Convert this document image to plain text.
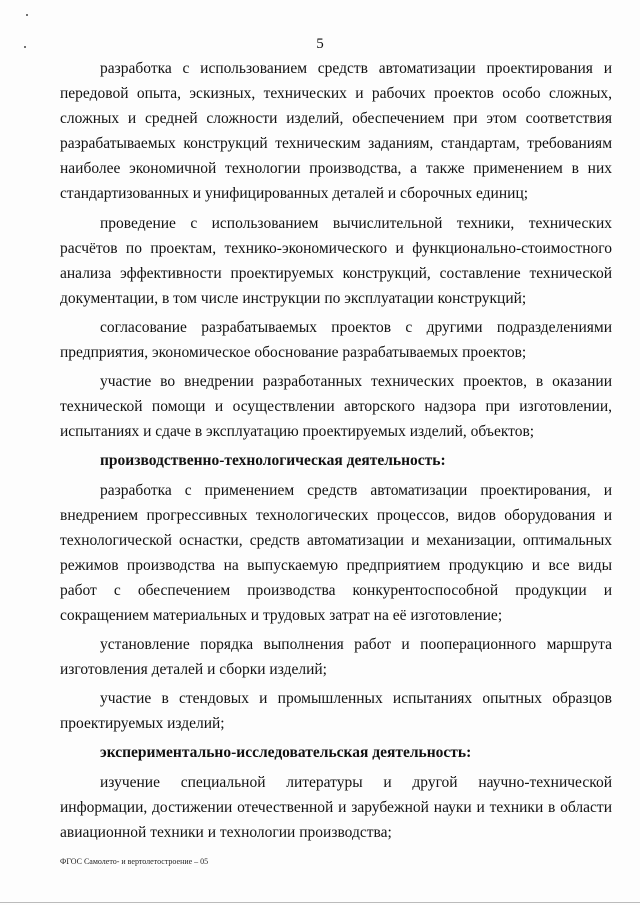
5

разработка с использованием средств автоматизации проектирования и передовой опыта, эскизных, технических и рабочих проектов особо сложных, сложных и средней сложности изделий, обеспечением при этом соответствия разрабатываемых конструкций техническим заданиям, стандартам, требованиям наиболее экономичной технологии производства, а также применением в них стандартизованных и унифицированных деталей и сборочных единиц;

проведение с использованием вычислительной техники, технических расчётов по проектам, технико-экономического и функционально-стоимостного анализа эффективности проектируемых конструкций, составление технической документации, в том числе инструкции по эксплуатации конструкций;

согласование разрабатываемых проектов с другими подразделениями предприятия, экономическое обоснование разрабатываемых проектов;

участие во внедрении разработанных технических проектов, в оказании технической помощи и осуществлении авторского надзора при изготовлении, испытаниях и сдаче в эксплуатацию проектируемых изделий, объектов;

производственно-технологическая деятельность:

разработка с применением средств автоматизации проектирования, и внедрением прогрессивных технологических процессов, видов оборудования и технологической оснастки, средств автоматизации и механизации, оптимальных режимов производства на выпускаемую предприятием продукцию и все виды работ с обеспечением производства конкурентоспособной продукции и сокращением материальных и трудовых затрат на её изготовление;

установление порядка выполнения работ и пооперационного маршрута изготовления деталей и сборки изделий;

участие в стендовых и промышленных испытаниях опытных образцов проектируемых изделий;

экспериментально-исследовательская деятельность:

изучение специальной литературы и другой научно-технической информации, достижении отечественной и зарубежной науки и техники в области авиационной техники и технологии производства;

ФГОС Самолето- и вертолетостроение – 05
